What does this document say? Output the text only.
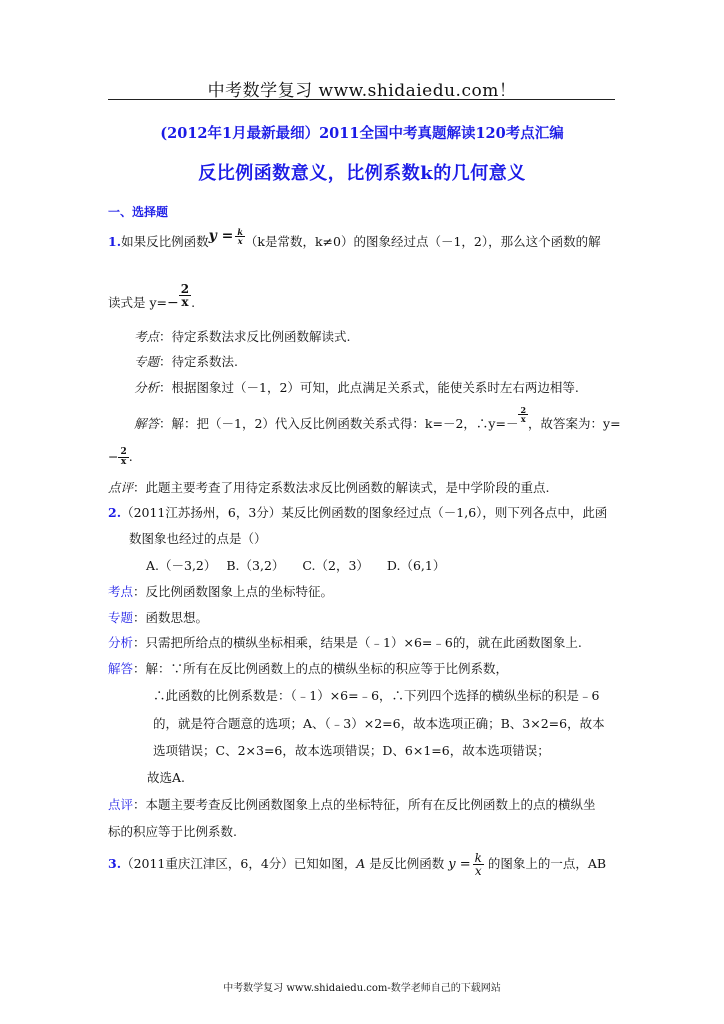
中考数学复习 www.shidaiedu.com！
(2012年1月最新最细）2011全国中考真题解读120考点汇编
反比例函数意义，比例系数k的几何意义
一、选择题
1.如果反比例函数$y = \frac{k}{x} (k$是常数，k≠0）的图象经过点（－1，2），那么这个函数的解
读式是 $y=- \frac{2}{x}$ .
考点：待定系数法求反比例函数解读式.
专题：待定系数法.
分析：根据图象过（－1，2）可知，此点满足关系式，能使关系时左右两边相等.
解答：解：把（－1，2）代入反比例函数关系式得：k=－2，∴y=－
$\frac{2}{x}$
，故答案为：y=
− $\frac{2}{x}$ .
点评：此题主要考查了用待定系数法求反比例函数的解读式，是中学阶段的重点.
2.（2011江苏扬州，6，3分）某反比例函数的图象经过点（－1,6），则下列各点中，此函
数图象也经过的点是（）
A.（－3,2） B.（3,2） C.（2，3） D.（6,1）
考点：反比例函数图象上点的坐标特征。
专题：函数思想。
分析：只需把所给点的横纵坐标相乘，结果是（﹣1）×6=﹣6的，就在此函数图象上.
解答：解：∵所有在反比例函数上的点的横纵坐标的积应等于比例系数，
∴此函数的比例系数是：（﹣1）×6=﹣6，∴下列四个选择的横纵坐标的积是﹣6
的，就是符合题意的选项；A、（﹣3）×2=6，故本选项正确；B、3×2=6，故本
选项错误；C、2×3=6，故本选项错误；D、6×1=6，故本选项错误；
故选A.
点评：本题主要考查反比例函数图象上点的坐标特征，所有在反比例函数上的点的横纵坐
标的积应等于比例系数.
3.（2011重庆江津区，6，4分）已知如图，A 是反比例函数 $y = \frac{k}{x}$ 的图象上的一点，AB
中考数学复习 www.shidaiedu.com-数学老师自己的下载网站
